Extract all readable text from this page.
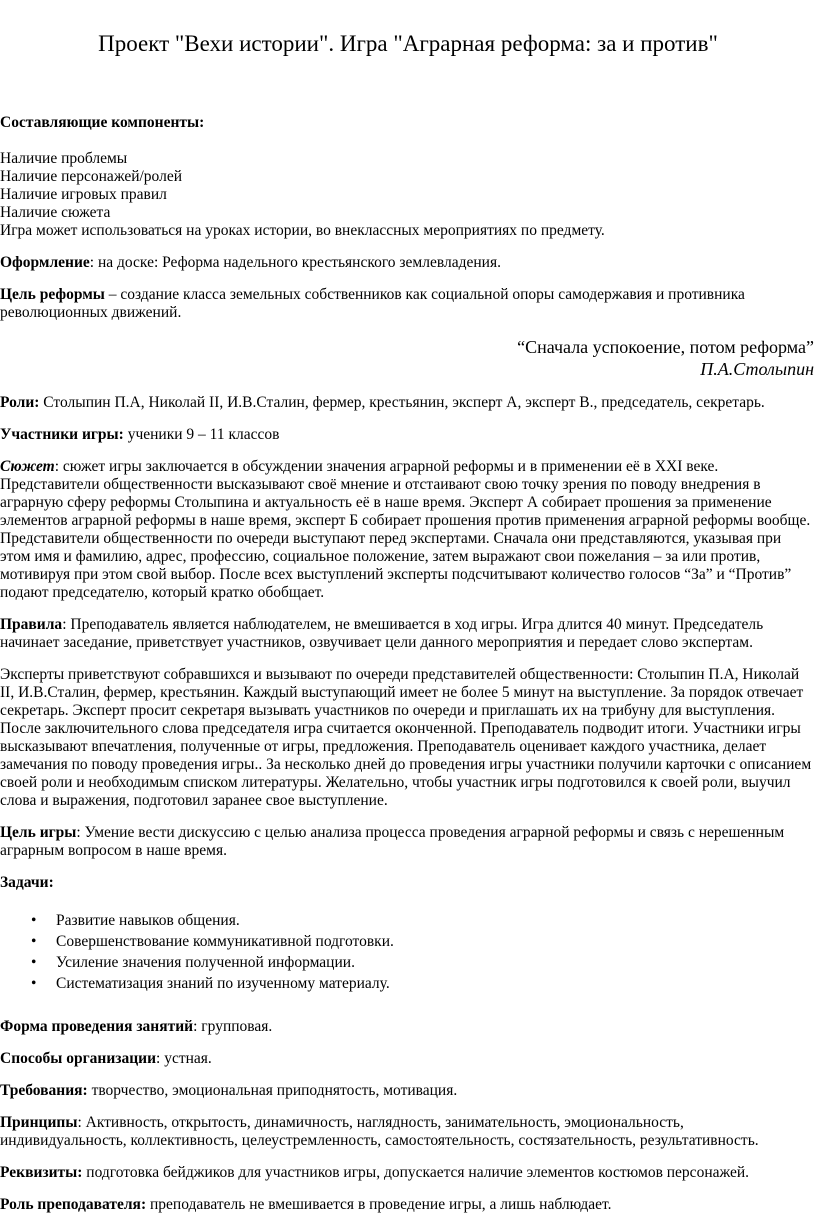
Проект "Вехи истории". Игра "Аграрная реформа: за и против"

Составляющие компоненты:

Наличие проблемы

Наличие персонажей/ролей

Наличие игровых правил

Наличие сюжета

Игра может использоваться на уроках истории, во внеклассных мероприятиях по предмету.

Оформление: на доске: Реформа надельного крестьянского землевладения.

Цель реформы – создание класса земельных собственников как социальной опоры самодержавия и противника революционных движений.

“Сначала успокоение, потом реформа”
П.А.Столыпин

Роли: Столыпин П.А, Николай II, И.В.Сталин, фермер, крестьянин, эксперт А, эксперт В., председатель, секретарь.

Участники игры: ученики 9 – 11 классов

Сюжет: сюжет игры заключается в обсуждении значения аграрной реформы и в применении её в XXI веке. Представители общественности высказывают своё мнение и отстаивают свою точку зрения по поводу внедрения в аграрную сферу реформы Столыпина и актуальность её в наше время. Эксперт А собирает прошения за применение элементов аграрной реформы в наше время, эксперт Б собирает прошения против применения аграрной реформы вообще. Представители общественности по очереди выступают перед экспертами. Сначала они представляются, указывая при этом имя и фамилию, адрес, профессию, социальное положение, затем выражают свои пожелания – за или против, мотивируя при этом свой выбор. После всех выступлений эксперты подсчитывают количество голосов “За” и “Против” подают председателю, который кратко обобщает.

Правила: Преподаватель является наблюдателем, не вмешивается в ход игры. Игра длится 40 минут. Председатель начинает заседание, приветствует участников, озвучивает цели данного мероприятия и передает слово экспертам.

Эксперты приветствуют собравшихся и вызывают по очереди представителей общественности: Столыпин П.А, Николай II, И.В.Сталин, фермер, крестьянин. Каждый выступающий имеет не более 5 минут на выступление. За порядок отвечает секретарь. Эксперт просит секретаря вызывать участников по очереди и приглашать их на трибуну для выступления. После заключительного слова председателя игра считается оконченной. Преподаватель подводит итоги. Участники игры высказывают впечатления, полученные от игры, предложения. Преподаватель оценивает каждого участника, делает замечания по поводу проведения игры.. За несколько дней до проведения игры участники получили карточки с описанием своей роли и необходимым списком литературы. Желательно, чтобы участник игры подготовился к своей роли, выучил слова и выражения, подготовил заранее свое выступление.

Цель игры: Умение вести дискуссию с целью анализа процесса проведения аграрной реформы и связь с нерешенным аграрным вопросом в наше время.

Задачи:

• Развитие навыков общения.
• Совершенствование коммуникативной подготовки.
• Усиление значения полученной информации.
• Систематизация знаний по изученному материалу.

Форма проведения занятий: групповая.

Способы организации: устная.

Требования: творчество, эмоциональная приподнятость, мотивация.

Принципы: Активность, открытость, динамичность, наглядность, занимательность, эмоциональность, индивидуальность, коллективность, целеустремленность, самостоятельность, состязательность, результативность.

Реквизиты: подготовка бейджиков для участников игры, допускается наличие элементов костюмов персонажей.

Роль преподавателя: преподаватель не вмешивается в проведение игры, а лишь наблюдает.
